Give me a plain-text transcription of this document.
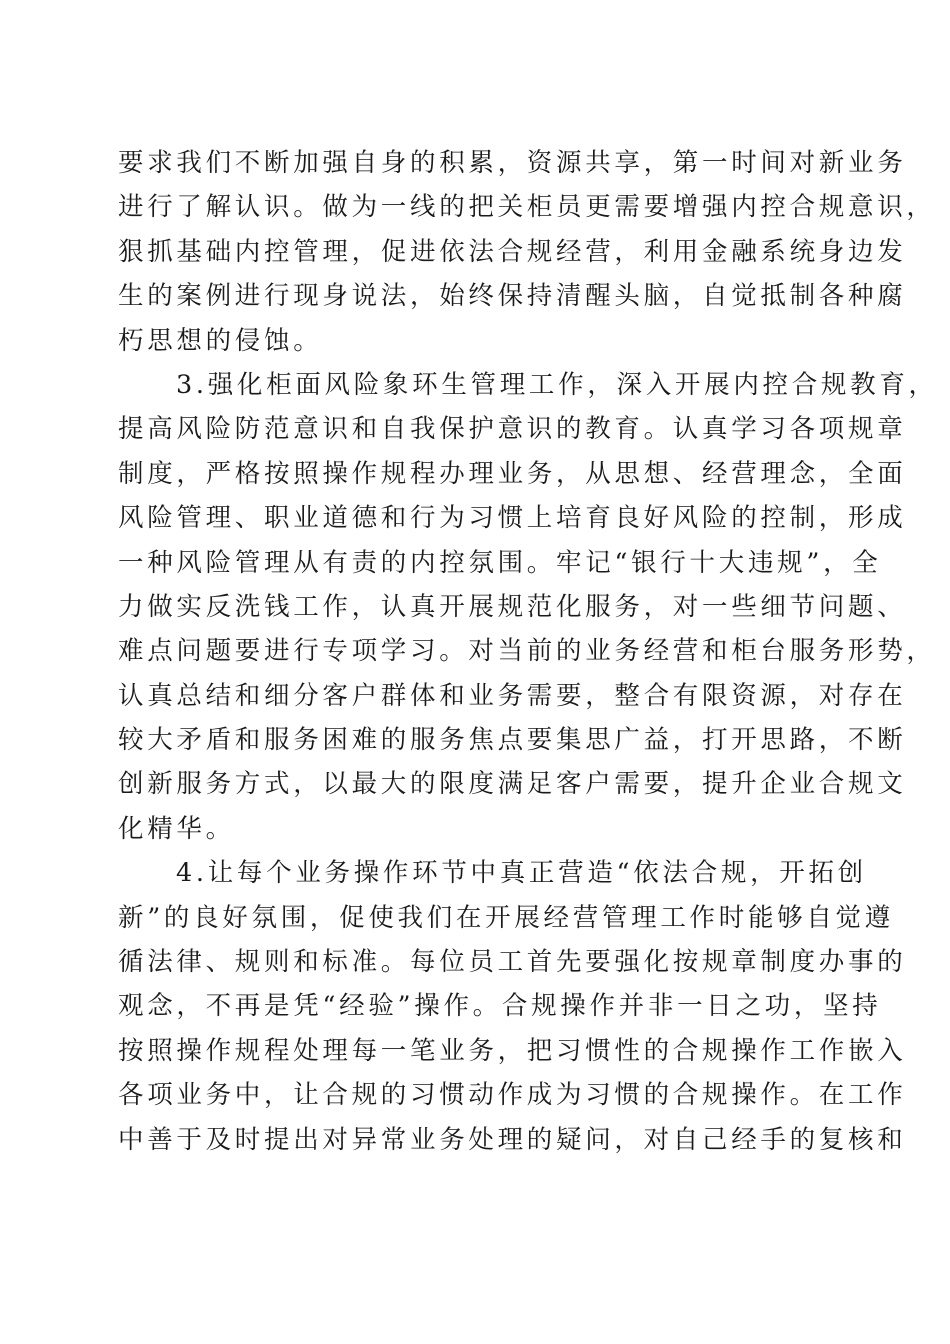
要求我们不断加强自身的积累，资源共享，第一时间对新业务
进行了解认识。做为一线的把关柜员更需要增强内控合规意识，
狠抓基础内控管理，促进依法合规经营，利用金融系统身边发
生的案例进行现身说法，始终保持清醒头脑，自觉抵制各种腐
朽思想的侵蚀。
3.强化柜面风险象环生管理工作，深入开展内控合规教育，
提高风险防范意识和自我保护意识的教育。认真学习各项规章
制度，严格按照操作规程办理业务，从思想、经营理念，全面
风险管理、职业道德和行为习惯上培育良好风险的控制，形成
一种风险管理从有责的内控氛围。牢记“银行十大违规”，全
力做实反洗钱工作，认真开展规范化服务，对一些细节问题、
难点问题要进行专项学习。对当前的业务经营和柜台服务形势，
认真总结和细分客户群体和业务需要，整合有限资源，对存在
较大矛盾和服务困难的服务焦点要集思广益，打开思路，不断
创新服务方式，以最大的限度满足客户需要，提升企业合规文
化精华。
4.让每个业务操作环节中真正营造“依法合规，开拓创
新”的良好氛围，促使我们在开展经营管理工作时能够自觉遵
循法律、规则和标准。每位员工首先要强化按规章制度办事的
观念，不再是凭“经验”操作。合规操作并非一日之功，坚持
按照操作规程处理每一笔业务，把习惯性的合规操作工作嵌入
各项业务中，让合规的习惯动作成为习惯的合规操作。在工作
中善于及时提出对异常业务处理的疑问，对自己经手的复核和
